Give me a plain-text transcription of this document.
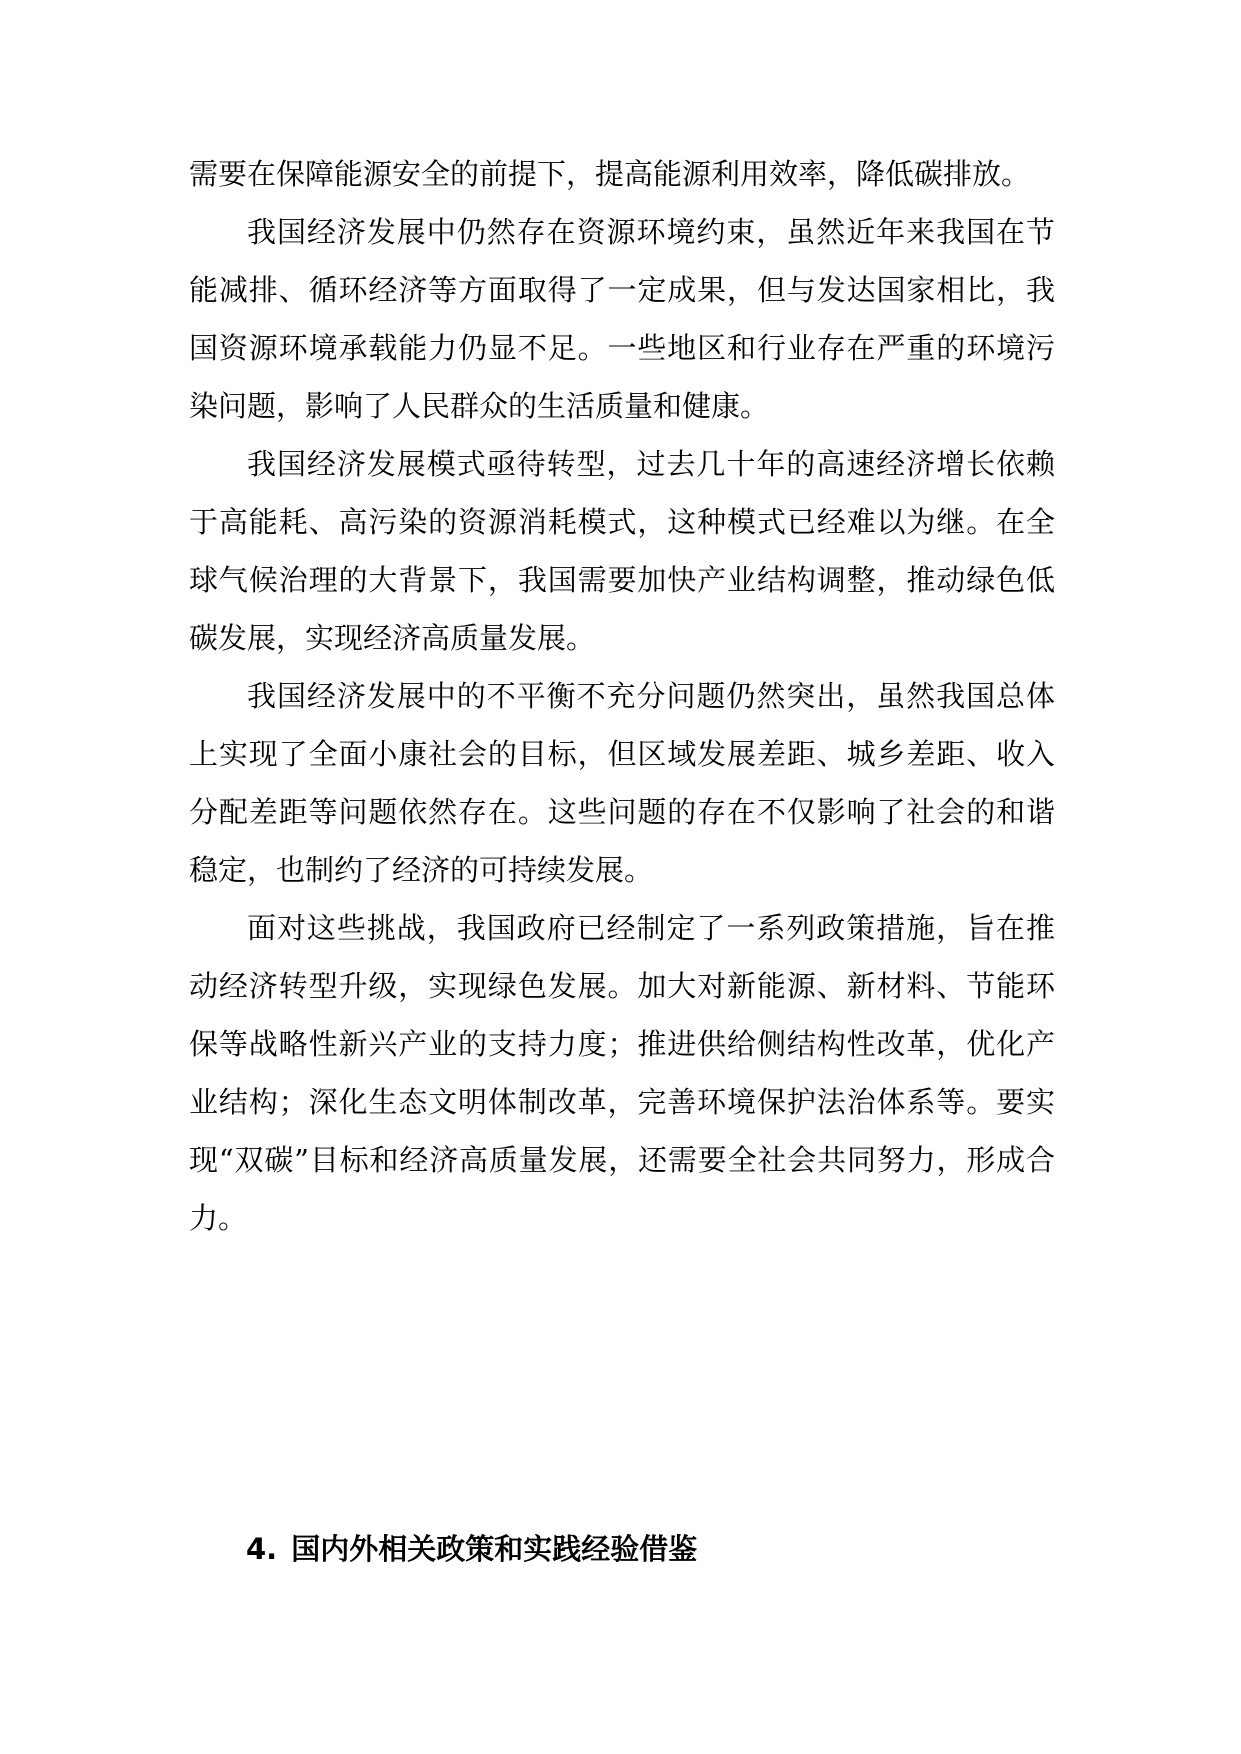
需要在保障能源安全的前提下，提高能源利用效率，降低碳排放。

我国经济发展中仍然存在资源环境约束，虽然近年来我国在节能减排、循环经济等方面取得了一定成果，但与发达国家相比，我国资源环境承载能力仍显不足。一些地区和行业存在严重的环境污染问题，影响了人民群众的生活质量和健康。

我国经济发展模式亟待转型，过去几十年的高速经济增长依赖于高能耗、高污染的资源消耗模式，这种模式已经难以为继。在全球气候治理的大背景下，我国需要加快产业结构调整，推动绿色低碳发展，实现经济高质量发展。

我国经济发展中的不平衡不充分问题仍然突出，虽然我国总体上实现了全面小康社会的目标，但区域发展差距、城乡差距、收入分配差距等问题依然存在。这些问题的存在不仅影响了社会的和谐稳定，也制约了经济的可持续发展。

面对这些挑战，我国政府已经制定了一系列政策措施，旨在推动经济转型升级，实现绿色发展。加大对新能源、新材料、节能环保等战略性新兴产业的支持力度；推进供给侧结构性改革，优化产业结构；深化生态文明体制改革，完善环境保护法治体系等。要实现“双碳”目标和经济高质量发展，还需要全社会共同努力，形成合力。

4. 国内外相关政策和实践经验借鉴
